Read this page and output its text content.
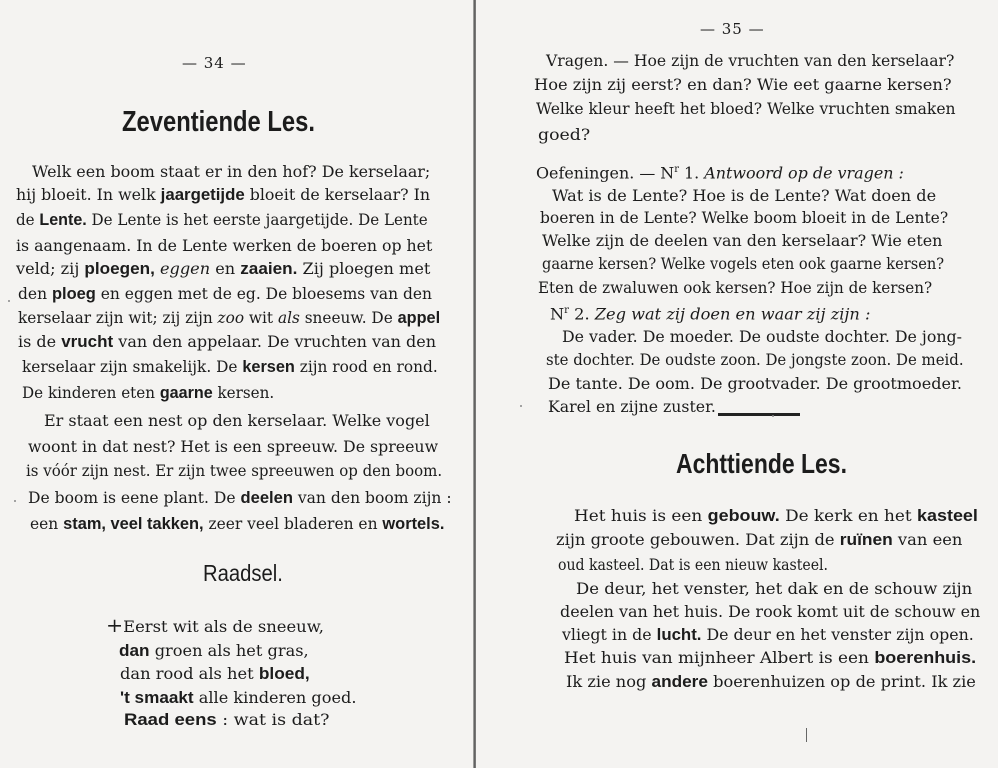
— 34 —
Zeventiende Les.
Welk een boom staat er in den hof? De kerselaar;
hij bloeit. In welk jaargetijde bloeit de kerselaar? In
de Lente. De Lente is het eerste jaargetijde. De Lente
is aangenaam. In de Lente werken de boeren op het
veld; zij ploegen, eggen en zaaien. Zij ploegen met
den ploeg en eggen met de eg. De bloesems van den
kerselaar zijn wit; zij zijn zoo wit als sneeuw. De appel
is de vrucht van den appelaar. De vruchten van den
kerselaar zijn smakelijk. De kersen zijn rood en rond.
De kinderen eten gaarne kersen.
Er staat een nest op den kerselaar. Welke vogel
woont in dat nest? Het is een spreeuw. De spreeuw
is vóór zijn nest. Er zijn twee spreeuwen op den boom.
De boom is eene plant. De deelen van den boom zijn :
een stam, veel takken, zeer veel bladeren en wortels.
Raadsel.
+Eerst wit als de sneeuw,
dan groen als het gras,
dan rood als het bloed,
't smaakt alle kinderen goed.
Raad eens : wat is dat?
— 35 —
Vragen. — Hoe zijn de vruchten van den kerselaar?
Hoe zijn zij eerst? en dan? Wie eet gaarne kersen?
Welke kleur heeft het bloed? Welke vruchten smaken
goed?
Oefeningen. — $N^r$ 1. Antwoord op de vragen :
Wat is de Lente? Hoe is de Lente? Wat doen de
boeren in de Lente? Welke boom bloeit in de Lente?
Welke zijn de deelen van den kerselaar? Wie eten
gaarne kersen? Welke vogels eten ook gaarne kersen?
Eten de zwaluwen ook kersen? Hoe zijn de kersen?
$N^r$ 2. Zeg wat zij doen en waar zij zijn :
De vader. De moeder. De oudste dochter. De jong-
ste dochter. De oudste zoon. De jongste zoon. De meid.
De tante. De oom. De grootvader. De grootmoeder.
Karel en zijne zuster.
Achttiende Les.
Het huis is een gebouw. De kerk en het kasteel
zijn groote gebouwen. Dat zijn de ruïnen van een
oud kasteel. Dat is een nieuw kasteel.
De deur, het venster, het dak en de schouw zijn
deelen van het huis. De rook komt uit de schouw en
vliegt in de lucht. De deur en het venster zijn open.
Het huis van mijnheer Albert is een boerenhuis.
Ik zie nog andere boerenhuizen op de print. Ik zie
